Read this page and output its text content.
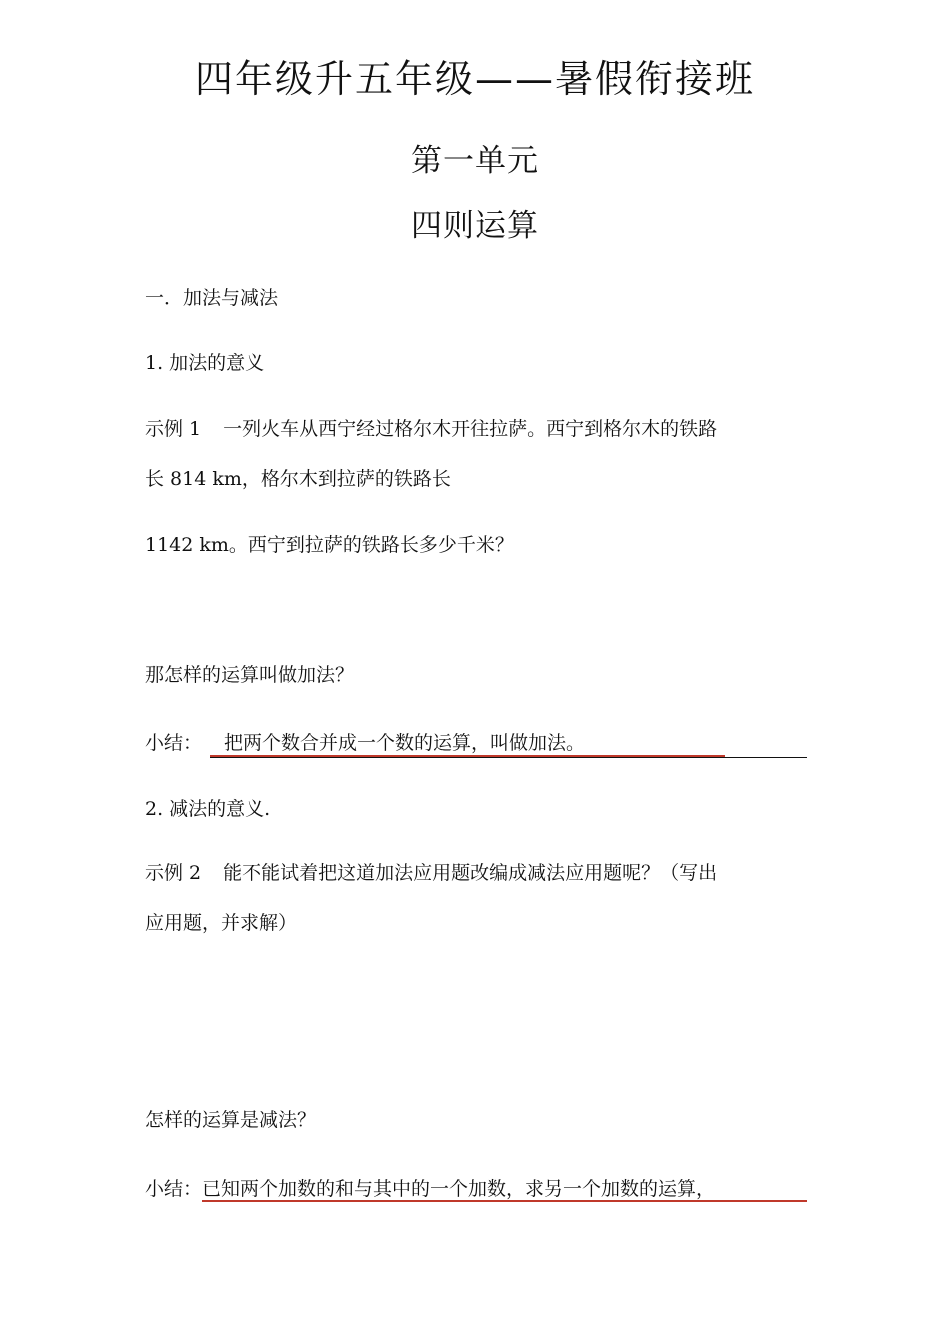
四年级升五年级——暑假衔接班
第一单元
四则运算

一．加法与减法

1. 加法的意义

示例 1 一列火车从西宁经过格尔木开往拉萨。西宁到格尔木的铁路

长 814 km，格尔木到拉萨的铁路长

1142 km。西宁到拉萨的铁路长多少千米？

那怎样的运算叫做加法？

小结： 把两个数合并成一个数的运算，叫做加法。

2. 减法的意义.

示例 2 能不能试着把这道加法应用题改编成减法应用题呢？（写出

应用题，并求解）

怎样的运算是减法？

小结：已知两个加数的和与其中的一个加数，求另一个加数的运算，
